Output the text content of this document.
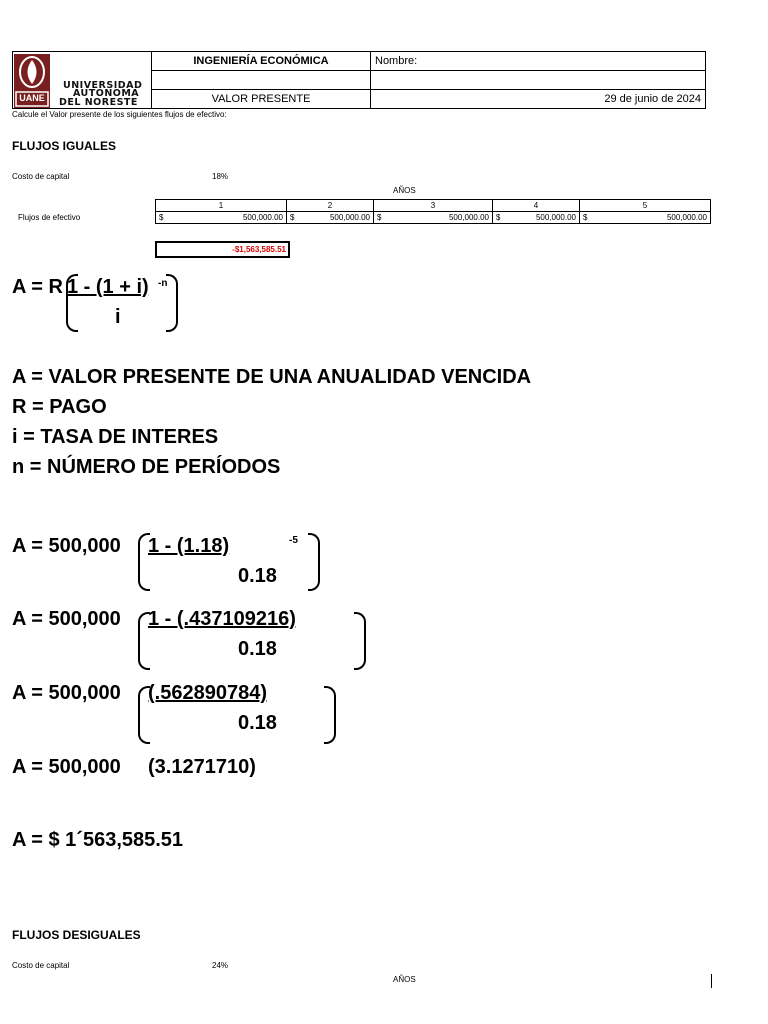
UANE
UNIVERSIDAD
AUTONOMA
DEL NORESTE	INGENIERÍA ECONÓMICA	Nombre:

	VALOR PRESENTE	29 de junio de 2024
Calcule el Valor presente de los siguientes flujos de efectivo:
FLUJOS IGUALES
Costo de capital	18%
AÑOS
Flujos de efectivo
1	2	3	4	5

$ 500,000.00	$ 500,000.00	$ 500,000.00	$ 500,000.00	$ 500,000.00
-$1,563,585.51
A = R 1 - (1 + i) -n
i
A = VALOR PRESENTE DE UNA ANUALIDAD VENCIDA
R = PAGO
i = TASA DE INTERES
n = NÚMERO DE PERÍODOS
A = 500,000 1 - (1.18)	-5
0.18
A = 500,000 1 - (.437109216)
0.18
A = 500,000 (.562890784)
0.18
A = 500,000 (3.1271710)
A = $ 1´563,585.51
FLUJOS DESIGUALES
Costo de capital	24%
AÑOS
